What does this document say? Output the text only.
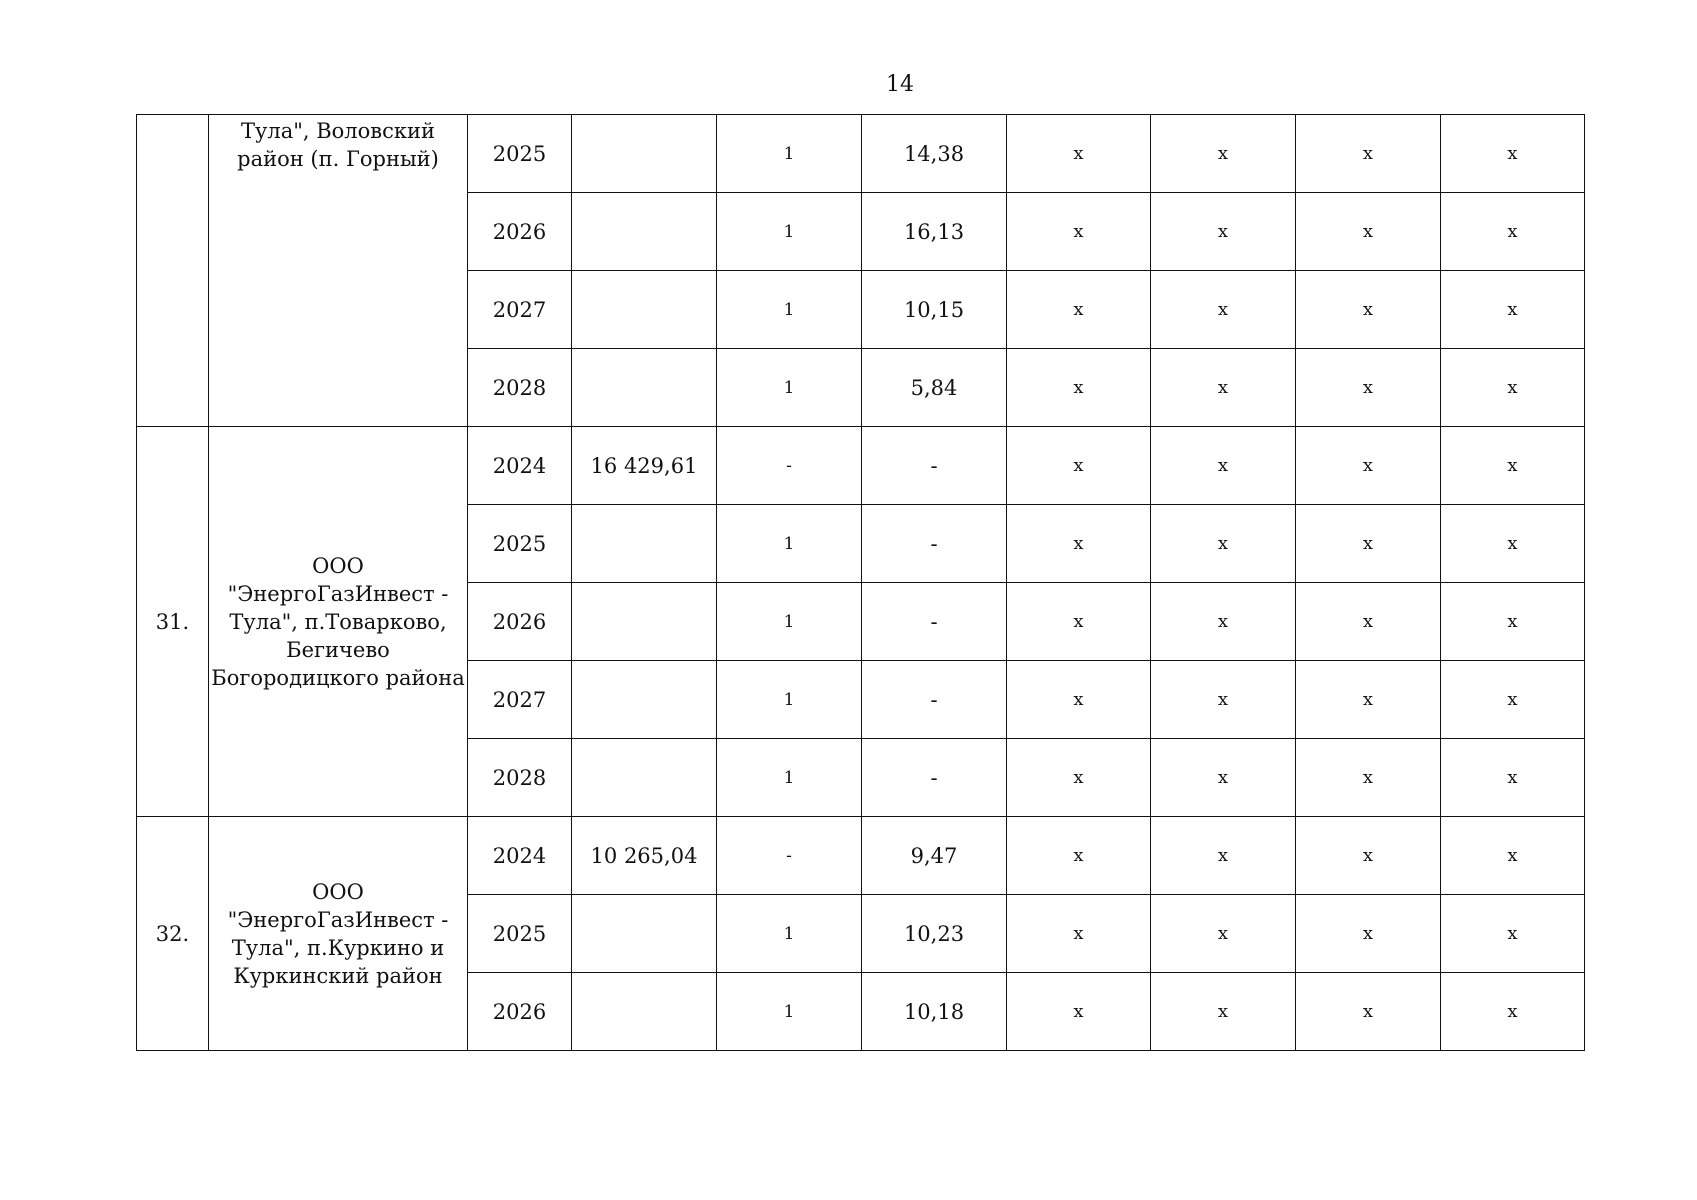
14
	Тула", Воловский район (п. Горный)	2025		1	14,38	x	x	x	x
		2026		1	16,13	x	x	x	x
		2027		1	10,15	x	x	x	x
		2028		1	5,84	x	x	x	x
31.	ООО "ЭнергоГазИнвест - Тула", п.Товарково, Бегичево Богородицкого района	2024	16 429,61	-	-	x	x	x	x
		2025		1	-	x	x	x	x
		2026		1	-	x	x	x	x
		2027		1	-	x	x	x	x
		2028		1	-	x	x	x	x
32.	ООО "ЭнергоГазИнвест - Тула", п.Куркино и Куркинский район	2024	10 265,04	-	9,47	x	x	x	x
		2025		1	10,23	x	x	x	x
		2026		1	10,18	x	x	x	x
